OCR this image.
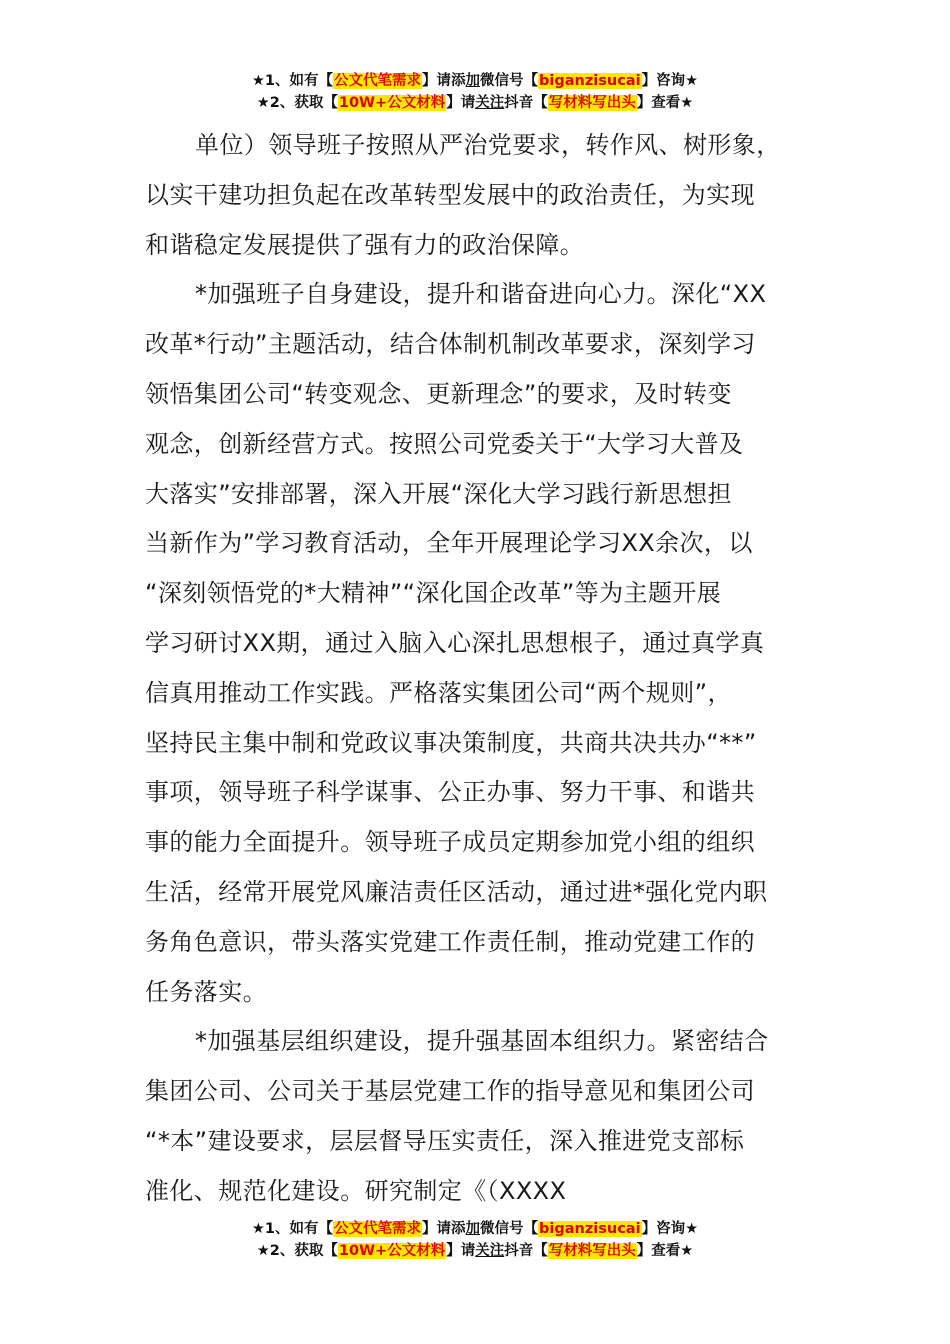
★1、如有【公文代笔需求】请添加微信号【biganzisucai】咨询★
★2、获取【10W+公文材料】请关注抖音【写材料写出头】查看★

单位）领导班子按照从严治党要求，转作风、树形象，
以实干建功担负起在改革转型发展中的政治责任，为实现
和谐稳定发展提供了强有力的政治保障。

*加强班子自身建设，提升和谐奋进向心力。深化“XX
改革*行动”主题活动，结合体制机制改革要求，深刻学习
领悟集团公司“转变观念、更新理念”的要求，及时转变
观念，创新经营方式。按照公司党委关于“大学习大普及
大落实”安排部署，深入开展“深化大学习践行新思想担
当新作为”学习教育活动，全年开展理论学习XX余次，以
“深刻领悟党的*大精神”“深化国企改革”等为主题开展
学习研讨XX期，通过入脑入心深扎思想根子，通过真学真
信真用推动工作实践。严格落实集团公司“两个规则”，
坚持民主集中制和党政议事决策制度，共商共决共办“**”
事项，领导班子科学谋事、公正办事、努力干事、和谐共
事的能力全面提升。领导班子成员定期参加党小组的组织
生活，经常开展党风廉洁责任区活动，通过进*强化党内职
务角色意识，带头落实党建工作责任制，推动党建工作的
任务落实。

*加强基层组织建设，提升强基固本组织力。紧密结合
集团公司、公司关于基层党建工作的指导意见和集团公司
“*本”建设要求，层层督导压实责任，深入推进党支部标
准化、规范化建设。研究制定《（XXXX

★1、如有【公文代笔需求】请添加微信号【biganzisucai】咨询★
★2、获取【10W+公文材料】请关注抖音【写材料写出头】查看★
